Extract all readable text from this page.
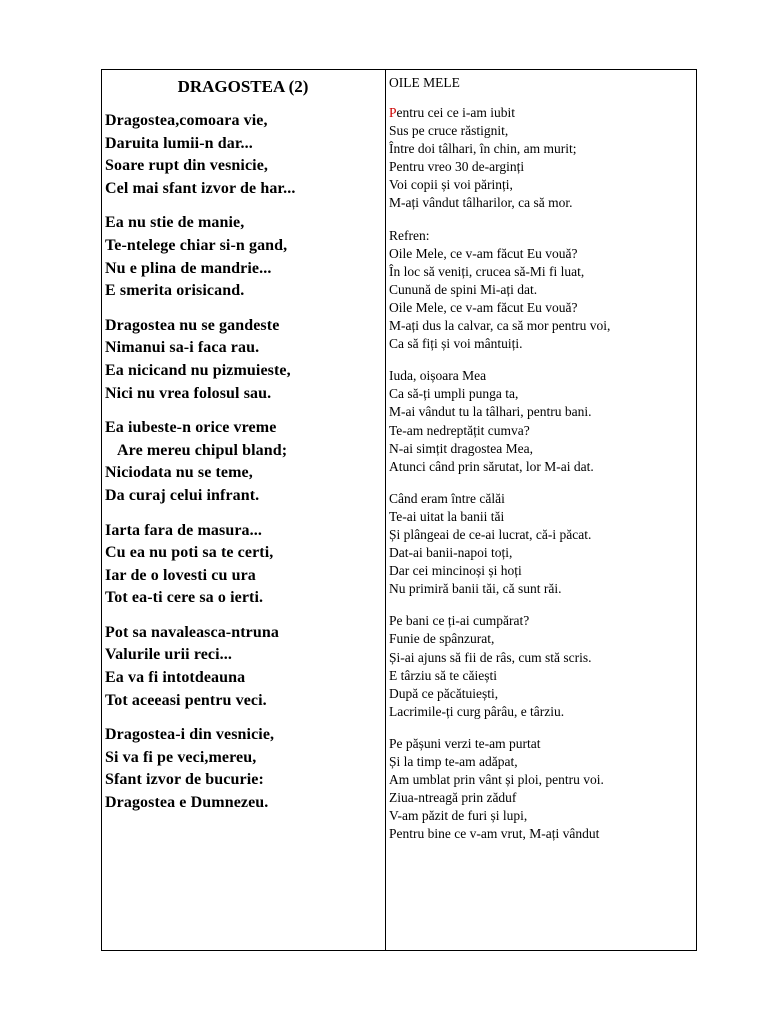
DRAGOSTEA (2)
Dragostea,comoara vie,
Daruita lumii-n dar...
Soare rupt din vesnicie,
Cel mai sfant izvor de har...
Ea nu stie de manie,
Te-ntelege chiar si-n gand,
Nu e plina de mandrie...
E smerita orisicand.
Dragostea nu se gandeste
Nimanui sa-i faca rau.
Ea nicicand nu pizmuieste,
Nici nu vrea folosul sau.
Ea iubeste-n orice vreme
Are mereu chipul bland;
Niciodata nu se teme,
Da curaj celui infrant.
Iarta fara de masura...
Cu ea nu poti sa te certi,
Iar de o lovesti cu ura
Tot ea-ti cere sa o ierti.
Pot sa navaleasca-ntruna
Valurile urii reci...
Ea va fi intotdeauna
Tot aceeasi pentru veci.
Dragostea-i din vesnicie,
Si va fi pe veci,mereu,
Sfant izvor de bucurie:
Dragostea e Dumnezeu.
OILE MELE
Pentru cei ce i-am iubit
Sus pe cruce răstignit,
Între doi tâlhari, în chin, am murit;
Pentru vreo 30 de-arginți
Voi copii și voi părinți,
M-ați vândut tâlharilor, ca să mor.
Refren:
Oile Mele, ce v-am făcut Eu vouă?
În loc să veniți, crucea să-Mi fi luat,
Cunună de spini Mi-ați dat.
Oile Mele, ce v-am făcut Eu vouă?
M-ați dus la calvar, ca să mor pentru voi,
Ca să fiți și voi mântuiți.
Iuda, oișoara Mea
Ca să-ți umpli punga ta,
M-ai vândut tu la tâlhari, pentru bani.
Te-am nedreptățit cumva?
N-ai simțit dragostea Mea,
Atunci când prin sărutat, lor M-ai dat.
Când eram între călăi
Te-ai uitat la banii tăi
Și plângeai de ce-ai lucrat, că-i păcat.
Dat-ai banii-napoi toți,
Dar cei mincinoși și hoți
Nu primiră banii tăi, că sunt răi.
Pe bani ce ți-ai cumpărat?
Funie de spânzurat,
Și-ai ajuns să fii de râs, cum stă scris.
E târziu să te căiești
După ce păcătuiești,
Lacrimile-ți curg pârâu, e târziu.
Pe pășuni verzi te-am purtat
Și la timp te-am adăpat,
Am umblat prin vânt și ploi, pentru voi.
Ziua-ntreagă prin zăduf
V-am păzit de furi și lupi,
Pentru bine ce v-am vrut, M-ați vândut
